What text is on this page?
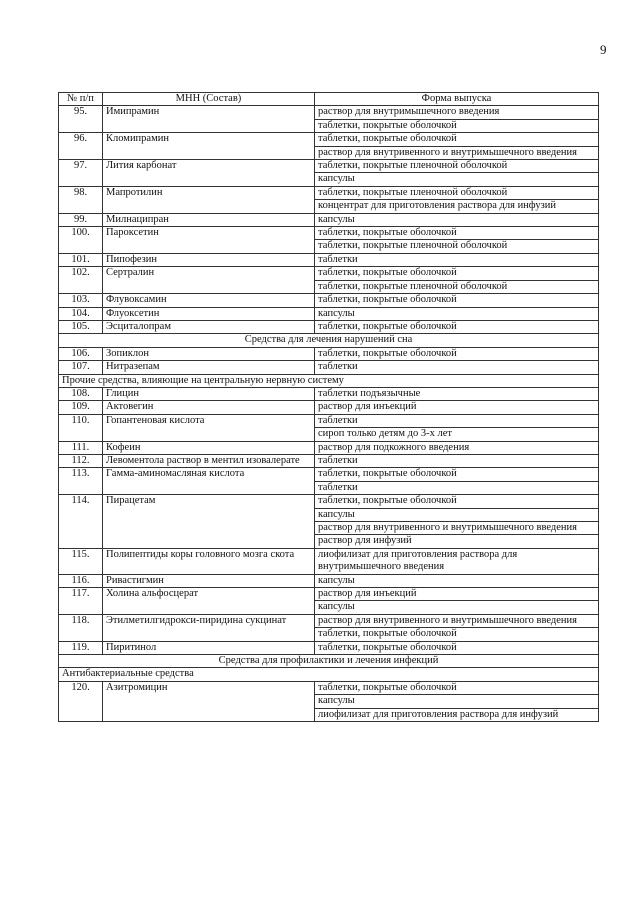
9
№ п/п	МНН (Состав)	Форма выпуска
95.	Имипрамин	раствор для внутримышечного введения
		таблетки, покрытые оболочкой
96.	Кломипрамин	таблетки, покрытые оболочкой
		раствор для внутривенного и внутримышечного введения
97.	Лития карбонат	таблетки, покрытые пленочной оболочкой
		капсулы
98.	Мапротилин	таблетки, покрытые пленочной оболочкой
		концентрат для приготовления раствора для инфузий
99.	Милнаципран	капсулы
100.	Пароксетин	таблетки, покрытые оболочкой
		таблетки, покрытые пленочной оболочкой
101.	Пипофезин	таблетки
102.	Сертралин	таблетки, покрытые оболочкой
		таблетки, покрытые пленочной оболочкой
103.	Флувоксамин	таблетки, покрытые оболочкой
104.	Флуоксетин	капсулы
105.	Эсциталопрам	таблетки, покрытые оболочкой
Средства для лечения нарушений сна		
106.	Зопиклон	таблетки, покрытые оболочкой
107.	Нитразепам	таблетки
Прочие средства, влияющие на центральную нервную систему		
108.	Глицин	таблетки подъязычные
109.	Актовегин	раствор для инъекций
110.	Гопантеновая кислота	таблетки
		сироп только детям до 3-х лет
111.	Кофеин	раствор для подкожного введения
112.	Левоментола раствор в ментил изовалерате	таблетки
113.	Гамма-аминомасляная кислота	таблетки, покрытые оболочкой
		таблетки
114.	Пирацетам	таблетки, покрытые оболочкой
		капсулы
		раствор для внутривенного и внутримышечного введения
		раствор для инфузий
115.	Полипептиды коры головного мозга скота	лиофилизат для приготовления раствора для внутримышечного введения
116.	Ривастигмин	капсулы
117.	Холина альфосцерат	раствор для инъекций
		капсулы
118.	Этилметилгидрокси-пиридина сукцинат	раствор для внутривенного и внутримышечного введения
		таблетки, покрытые оболочкой
119.	Пиритинол	таблетки, покрытые оболочкой
Средства для профилактики и лечения инфекций		
Антибактериальные средства		
120.	Азитромицин	таблетки, покрытые оболочкой
		капсулы
		лиофилизат для приготовления раствора для инфузий
